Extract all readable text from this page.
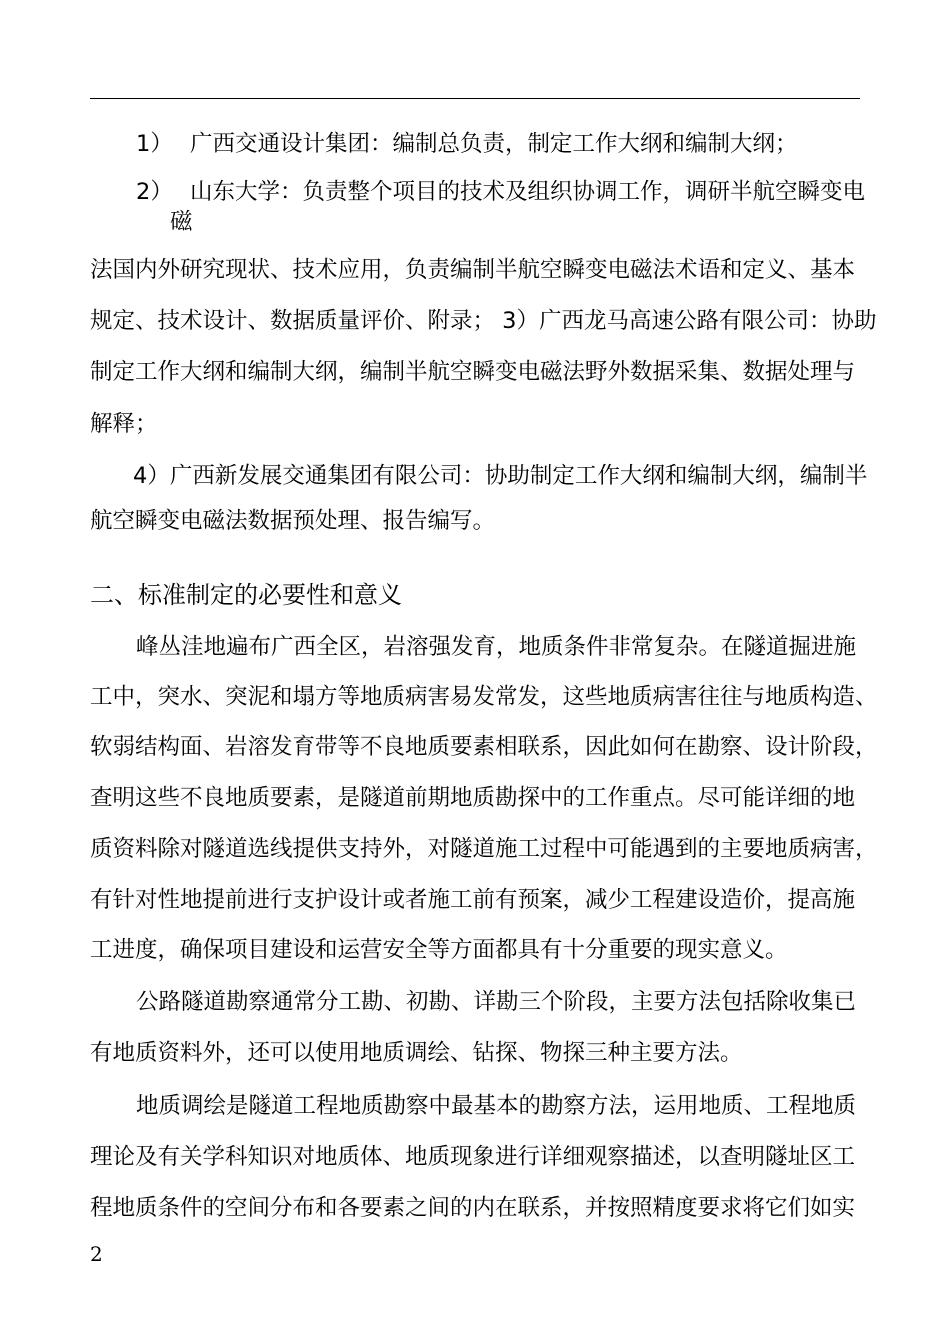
1） 广西交通设计集团：编制总负责，制定工作大纲和编制大纲；
2） 山东大学：负责整个项目的技术及组织协调工作，调研半航空瞬变电
磁
法国内外研究现状、技术应用，负责编制半航空瞬变电磁法术语和定义、基本
规定、技术设计、数据质量评价、附录； 3）广西龙马高速公路有限公司：协助
制定工作大纲和编制大纲，编制半航空瞬变电磁法野外数据采集、数据处理与
解释；
4）广西新发展交通集团有限公司：协助制定工作大纲和编制大纲，编制半
航空瞬变电磁法数据预处理、报告编写。
二、标准制定的必要性和意义
峰丛洼地遍布广西全区，岩溶强发育，地质条件非常复杂。在隧道掘进施
工中，突水、突泥和塌方等地质病害易发常发，这些地质病害往往与地质构造、
软弱结构面、岩溶发育带等不良地质要素相联系，因此如何在勘察、设计阶段，
查明这些不良地质要素，是隧道前期地质勘探中的工作重点。尽可能详细的地
质资料除对隧道选线提供支持外，对隧道施工过程中可能遇到的主要地质病害，
有针对性地提前进行支护设计或者施工前有预案，减少工程建设造价，提高施
工进度，确保项目建设和运营安全等方面都具有十分重要的现实意义。
公路隧道勘察通常分工勘、初勘、详勘三个阶段，主要方法包括除收集已
有地质资料外，还可以使用地质调绘、钻探、物探三种主要方法。
地质调绘是隧道工程地质勘察中最基本的勘察方法，运用地质、工程地质
理论及有关学科知识对地质体、地质现象进行详细观察描述，以查明隧址区工
程地质条件的空间分布和各要素之间的内在联系，并按照精度要求将它们如实
2
